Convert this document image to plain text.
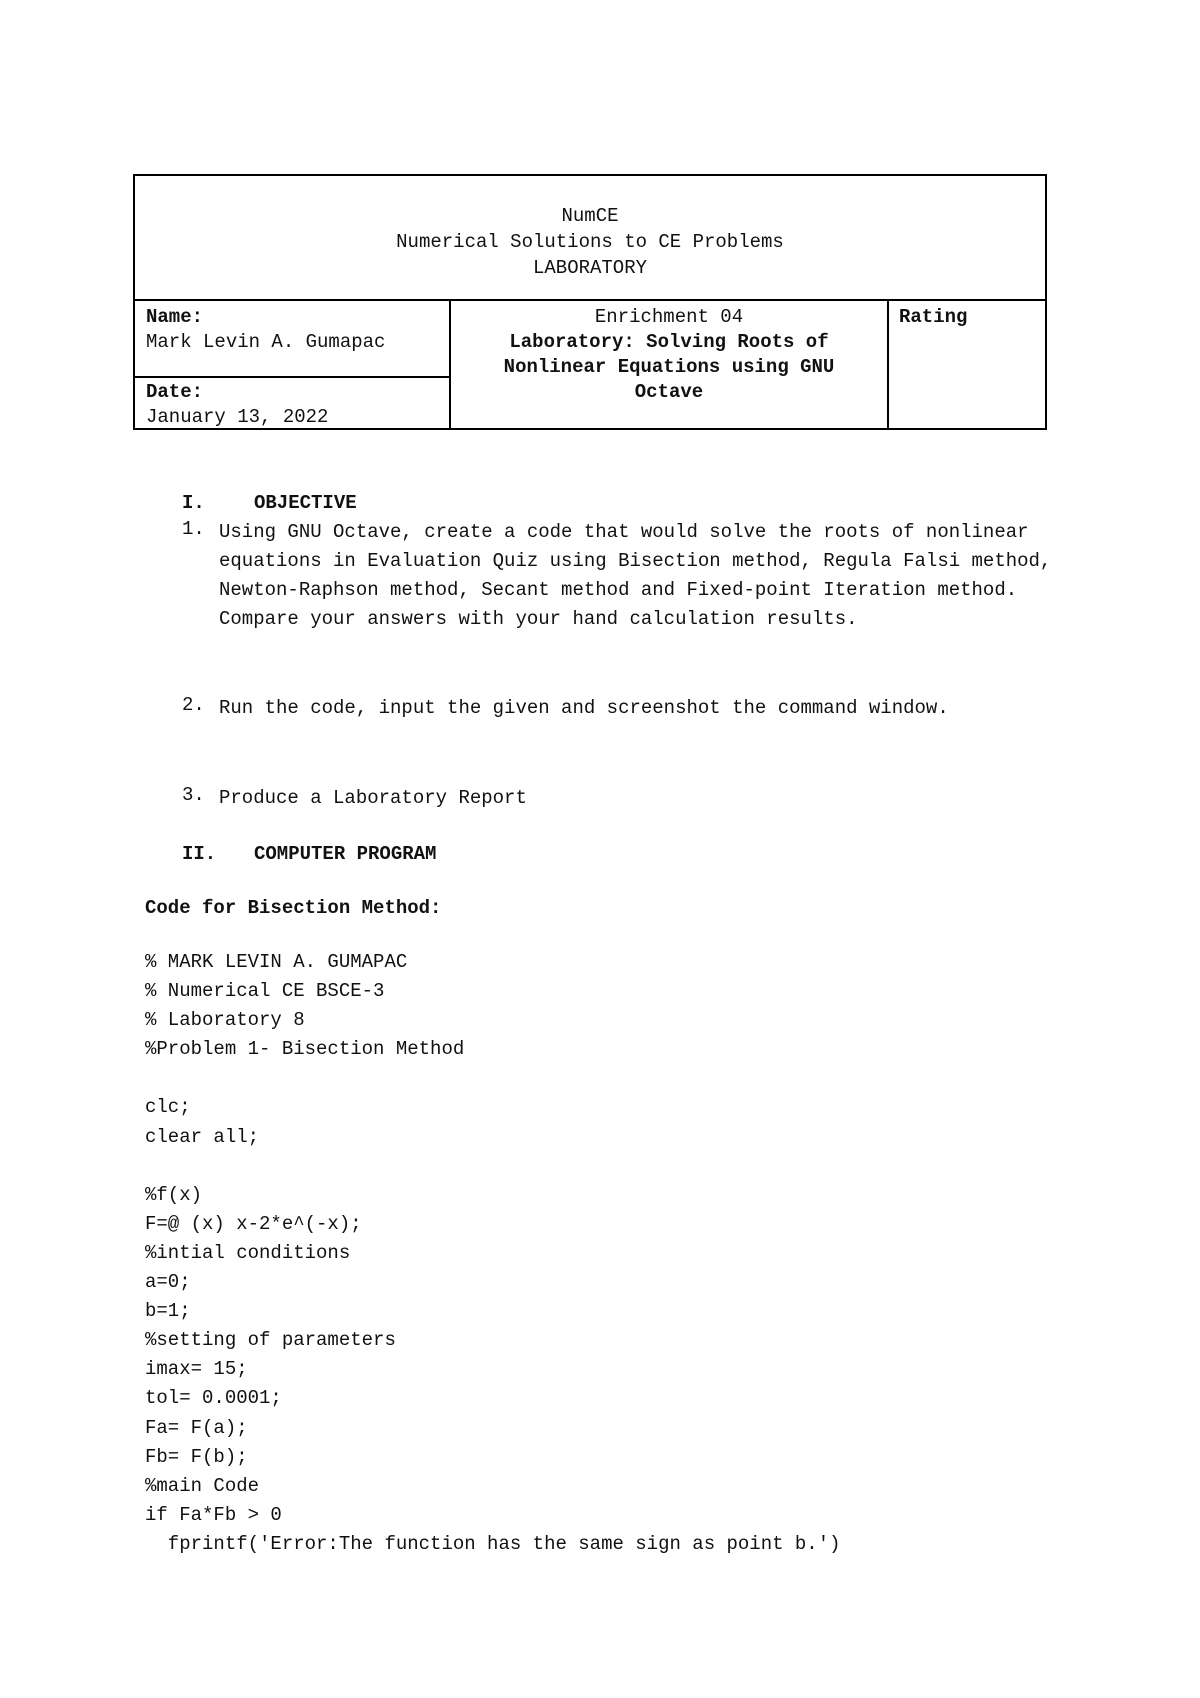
NumCE
Numerical Solutions to CE Problems
LABORATORY
Name:
Mark Levin A. Gumapac
Date:
January 13, 2022
Enrichment 04
Laboratory: Solving Roots of Nonlinear Equations using GNU Octave
Rating
I.	OBJECTIVE
1. Using GNU Octave, create a code that would solve the roots of nonlinear equations in Evaluation Quiz using Bisection method, Regula Falsi method, Newton-Raphson method, Secant method and Fixed-point Iteration method. Compare your answers with your hand calculation results.
2. Run the code, input the given and screenshot the command window.
3. Produce a Laboratory Report
II. COMPUTER PROGRAM
Code for Bisection Method:
% MARK LEVIN A. GUMAPAC
% Numerical CE BSCE-3
% Laboratory 8
%Problem 1- Bisection Method
clc;
clear all;
%f(x)
F=@ (x) x-2*e^(-x);
%intial conditions
a=0;
b=1;
%setting of parameters
imax= 15;
tol= 0.0001;
Fa= F(a);
Fb= F(b);
%main Code
if Fa*Fb > 0
fprintf('Error:The function has the same sign as point b.')
